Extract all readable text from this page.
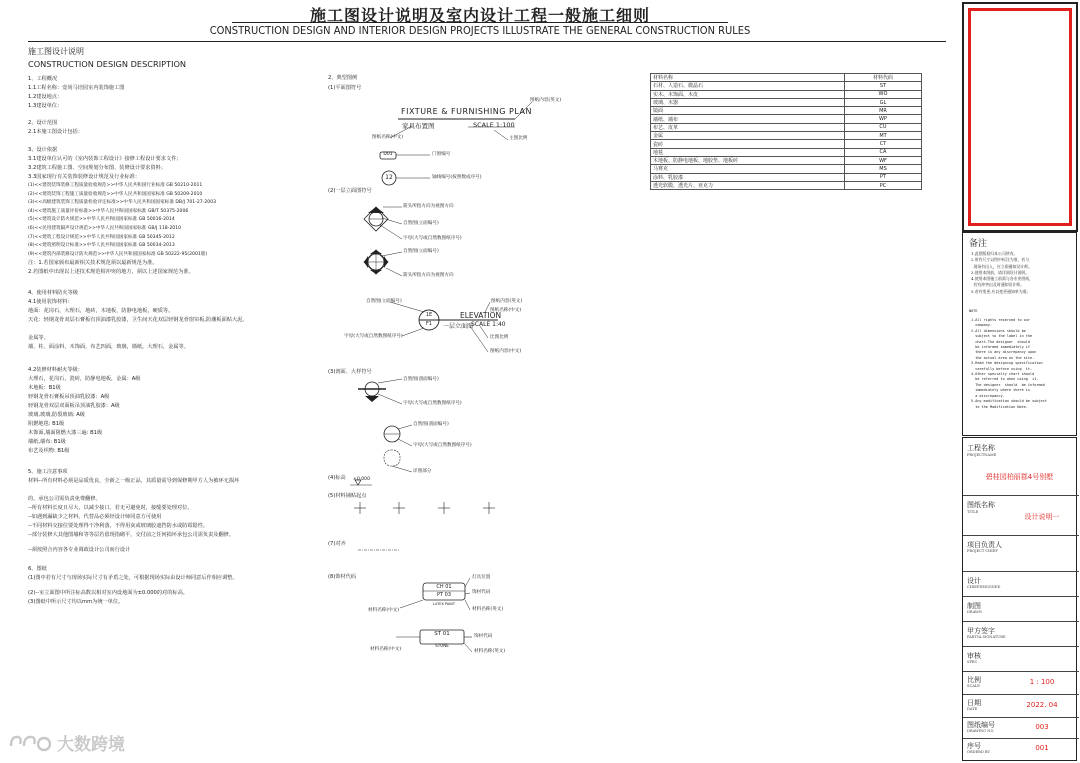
施工图设计说明及室内设计工程一般施工细则
CONSTRUCTION DESIGN AND INTERIOR DESIGN PROJECTS ILLUSTRATE THE GENERAL CONSTRUCTION RULES
施工图设计说明
CONSTRUCTION DESIGN DESCRIPTION
1、工程概况
1.1工程名称：壹尚马培园室内装饰施工图
1.2建设地点：
1.3建设单位：
2、设计范围
2.1本施工图设计包括：
3、设计依据
3.1建设单位认可的《室内装饰工程设计》接修工程设计要求文件；
3.2建筑工程施工图、空间规划分布图、装修设计要求资料；
3.3国家现行有关装饰装修设计规范及行业标准：
(1)<<建筑装饰装修工程质量验收规范>>中华人民共和国行业标准 GB 50210-2011
(2)<<建筑装饰工程施工质量验收规范>>中华人民共和国国家标准 GB 50209-2010
(3)<<高级建筑装饰工程质量检验评定标准>>中华人民共和国国家标准 DB/J 701-27-2003
(4)<<建筑施工质量评价标准>>中华人民共和国国家标准 GB/T 50375-2006
(5)<<建筑设计防火规范>>中华人民共和国国家标准 GB 50016-2014
(6)<<民用建筑隔声设计规范>>中华人民共和国国家标准 GB/J 118-2010
(7)<<建筑工程设计规范>>中华人民共和国国家标准 GB 50345-2012
(8)<<建筑照明设计标准>>中华人民共和国国家标准 GB 50034-2013
(9)<<建筑内部装修设计防火规范>>中华人民共和国国家标准 GB 50222-95(2001版)
注：1.若国家颁布最新相关技术规范须以最新规范为准。
2.若图纸中出现以上述技术规范相冲突的地方，须以上述国家规范为准。
4、使用材料防火等级
4.1使用装饰材料：
地面：花岗石，大理石，地砖，木地板，防静电地板，硬质等。
天花：轻钢龙骨双层石膏板有顶油漆乳胶漆，卫生间天花双层轻钢龙骨窗帘板,防潮板面贴大泥。
金属等。
墙、柱、面涂料，木饰面，布艺四面，玻璃，墙纸，大理石，金属等。
4.2装修材料耐火等级：
大理石，花岗石，瓷砖，防静电地板，金属：A级
木地板：B1级
轻钢龙骨石膏板吊顶油乳胶漆：A级
轻钢龙骨双层双面板吊顶油乳胶漆：A级
玻璃,玻璃,防裂玻璃: A级
阻燃地毯: B1级
木饰面,墙面阻燃大漆三遍: B1级
墙纸,墙布: B1级
布艺及织物: B1级
5、施工注意事项
材料--所有材料必须是品质优良，全新之一级正品，其质量需导到保修期甲方人为被环无损坏
的，承包公司需负责免费翻修。
--所有材料长度且尽大，以减少接口。若无可避免时，接缝要处理对位。
--如遇到漏缺少之材料，代替品必须经设计师同意方可使用
--不同材料交接位要处理得干净利落，不得用灰或玻璃胶遮挡防水或防霉隐性。
--部分装修大其他图墙和等等层若留现指砌平，交付前之任何损坏承包公司需负责及翻修。
--须按照合内容各专业调政设计公司而行设计
6、图纸
(1)图中若有尺寸与现场实际尺寸有矛盾之处，可根据现场实际由设计师同意后作相应调整。
(2)--室立面图中所注标高数以相对室内设地面为±0.000的对的标高。
(3)图纸中所示尺寸均以mm为统一单位。
2、典型图例
(1)平面图符号
FIXTURE & FURNISHING PLAN
家具布置图	SCALE 1:100
图纸内容(英文)
主图比例
图纸名称(中文)
D01	门窗编号
12	轴线编号(按照数成序号)
(2)一层立面图符号
箭头所指方向为视图方向
自然图(立面编号)
字母(大写或自然数图纸序号)
自然图(立面编号)
箭头所指方向为视图方向
自然图(立面编号)
字母(大写或自然数图纸序号)
1E
F1
ELEVATION
一层立面图
SCALE 1:40
图纸内容(英文)
图纸名称(中文)
比图比例
图纸内容(中文)
(3)剖面、大样符号
自然图(剖面编号)
字母(大写或自然数图纸序号)
自然图(剖面编号)
字母(大写或自然数图纸序号)
详图部分
(4)标高 ±0.000
(5)材料铺贴起点
(7)对齐
(8)饰材代码
CH 01
PT 03
LATEX PAINT
灯具位置
饰材代码
材料名称(英文)
材料名称(中文)
ST 01
STONE
饰材代码
材料名称(中文)	材料名称(英文)
材料名称	材料代码
石材、人造石、微晶石	ST
实木、木饰面、木皮	WO
玻璃、木器	GL
镜面	MR
墙纸、墙布	WP
布艺、皮革	CU
金属	MT
瓷砖	CT
地毯	CA
木地板、防静电地板、地胶垫、地板砖	WF
马赛克	MS
涂料、乳胶漆	PT
透光软膜、透光片、亚克力	PC
备注
1.此图版权归本公司所有。
2.所有尺寸以图中标注为准，若与
现场有出入，应立即通知设计师。
3.使用本图前，请详阅设计说明。
4.使用本图施工前需与各专业图纸，
若有冲突出及时通知设计师。
5.若有变更,应以变更通知单为准。
NOTE
1.All rights reserved to our
company.
2.All dimensions should be
subject to the label in the
chart.The designer  should
be informed immediately if
there is any discrepancy upon
the actual area on the site.
3.Read the designing specification
carefully before using  it.
4.Other specialty chart should
be referred to when using  it.
The designer  should  be informed
immediately where there is
a discrepancy.
5.Any modification should be subject
to the Modification Note.
工程名称
PROJECTNAME
碧桂园柏丽郡4号别墅
图纸名称
TITLE
设计说明一
项目负责人
PROJECT CHIEF
设计
CHIEFDESIGNED
制图
DRAWN
甲方签字
PARTYA SIGNATURE
审核
SPEC
比例
SCALE	1 : 100
日期
DATE	2022. 04
图纸编号
DRAWING NO	003
序号
ORDERD BY	001
大数跨境
